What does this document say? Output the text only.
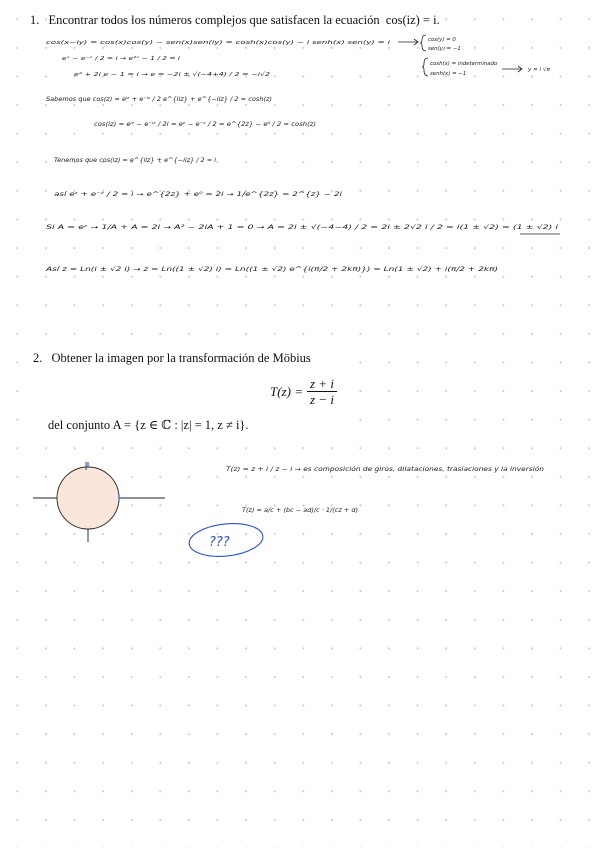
1. Encontrar todos los números complejos que satisfacen la ecuación cos(iz) = i.
2. Obtener la imagen por la transformación de Möbius
$T(z) = \frac{z + i}{z - i}$
del conjunto A = {z ∈ ℂ : |z| = 1, z ≠ i}.
cos(x−iy) = cos(x)cos(y) − sen(x)sen(iy) = cosh(x)cos(y) − i senh(x) sen(y) = i	cos(y) = 0
sen(y) = −1
eˣ − e⁻ˣ / 2 = i → e²ˣ − 1 / 2 = i
cosh(x) = indeterminado
senh(x) = −1
y = i √π
e² + 2i e − 1 = i → e = −2i ± √(−4+4) / 2 = −i√2
Sabemos que cos(z) = eⁱᶻ + e⁻ⁱᶻ / 2 e^{iiz} + e^{−iiz} / 2 = cosh(z)
cos(iz) = eⁱᶻ − e⁻ⁱᶻ / 2i = eᶻ − e⁻ᶻ / 2 = e^{2z} − e⁰ / 2 = cosh(z)
Tenemos que cos(iz) = e^{iiz} + e^{−iiz} / 2 = i
así eᶻ + e⁻ᶻ / 2 = i → e^{2z} + e⁰ = 2i → 1/e^{2z} = 2^{z} − 2i
Si A = eᶻ → 1/A + A = 2i → A² − 2iA + 1 = 0 → A = 2i ± √(−4−4) / 2 = 2i ± 2√2 i / 2 = i(1 ± √2) = (1 ± √2) i
Así z = Ln(i ± √2 i) → z = Ln((1 ± √2) i) = Ln((1 ± √2) e^{i(π/2 + 2kπ)}) = Ln(1 ± √2) + i(π/2 + 2kπ)
T(z) = z + i / z − i → es composición de giros, dilataciones, traslaciones y la inversión
T(z) = a/c + (bc − ad)/c · 1/(cz + d)
???
